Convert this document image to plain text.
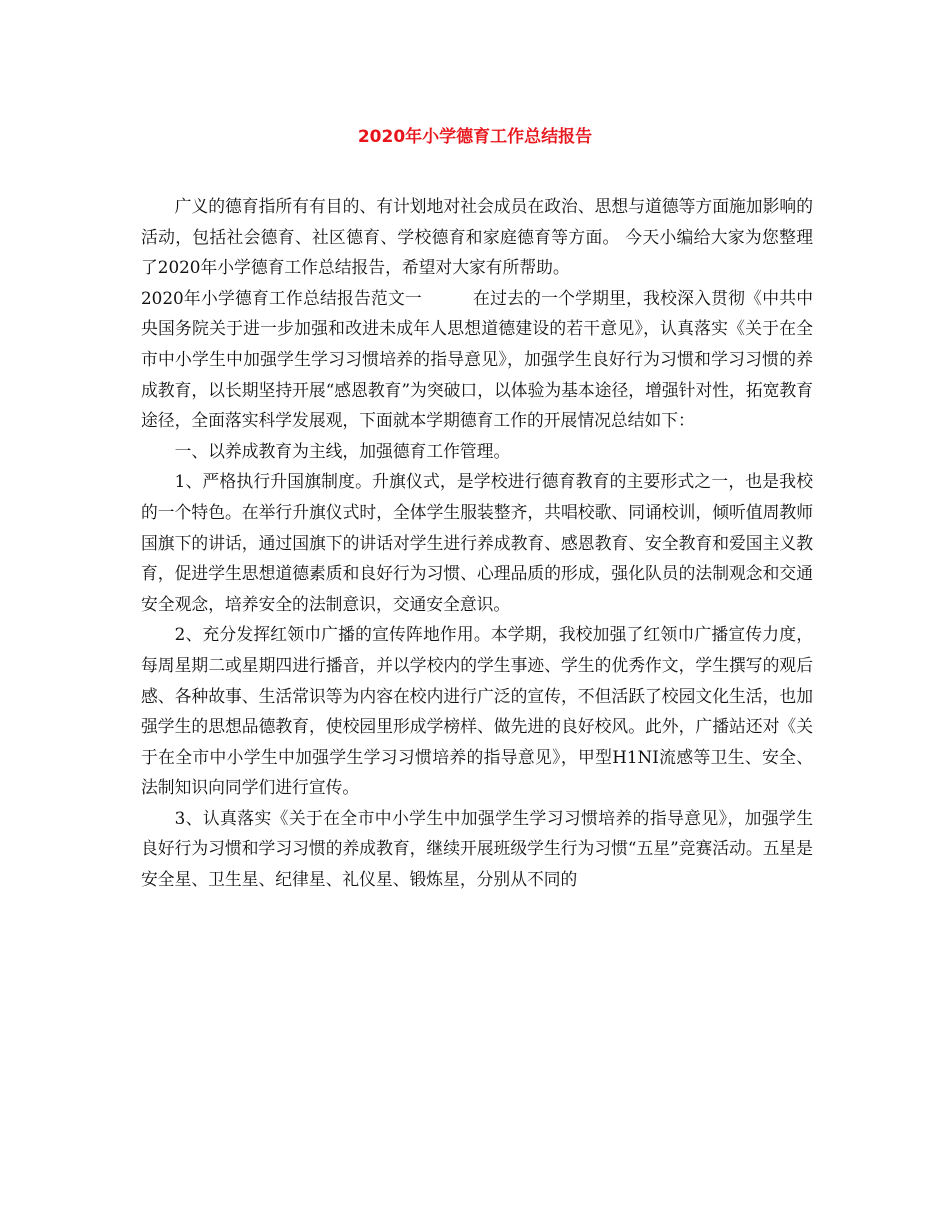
2020年小学德育工作总结报告

广义的德育指所有有目的、有计划地对社会成员在政治、思想与道德等方面施加影响的活动，包括社会德育、社区德育、学校德育和家庭德育等方面。 今天小编给大家为您整理了2020年小学德育工作总结报告，希望对大家有所帮助。

2020年小学德育工作总结报告范文一　　　在过去的一个学期里，我校深入贯彻《中共中央国务院关于进一步加强和改进未成年人思想道德建设的若干意见》，认真落实《关于在全市中小学生中加强学生学习习惯培养的指导意见》，加强学生良好行为习惯和学习习惯的养成教育，以长期坚持开展“感恩教育”为突破口，以体验为基本途径，增强针对性，拓宽教育途径，全面落实科学发展观，下面就本学期德育工作的开展情况总结如下：

一、以养成教育为主线，加强德育工作管理。

1、严格执行升国旗制度。升旗仪式，是学校进行德育教育的主要形式之一，也是我校的一个特色。在举行升旗仪式时，全体学生服装整齐，共唱校歌、同诵校训，倾听值周教师国旗下的讲话，通过国旗下的讲话对学生进行养成教育、感恩教育、安全教育和爱国主义教育，促进学生思想道德素质和良好行为习惯、心理品质的形成，强化队员的法制观念和交通安全观念，培养安全的法制意识，交通安全意识。

2、充分发挥红领巾广播的宣传阵地作用。本学期，我校加强了红领巾广播宣传力度，每周星期二或星期四进行播音，并以学校内的学生事迹、学生的优秀作文，学生撰写的观后感、各种故事、生活常识等为内容在校内进行广泛的宣传，不但活跃了校园文化生活，也加强学生的思想品德教育，使校园里形成学榜样、做先进的良好校风。此外，广播站还对《关于在全市中小学生中加强学生学习习惯培养的指导意见》，甲型H1NI流感等卫生、安全、法制知识向同学们进行宣传。

3、认真落实《关于在全市中小学生中加强学生学习习惯培养的指导意见》，加强学生良好行为习惯和学习习惯的养成教育，继续开展班级学生行为习惯“五星”竞赛活动。五星是安全星、卫生星、纪律星、礼仪星、锻炼星，分别从不同的
